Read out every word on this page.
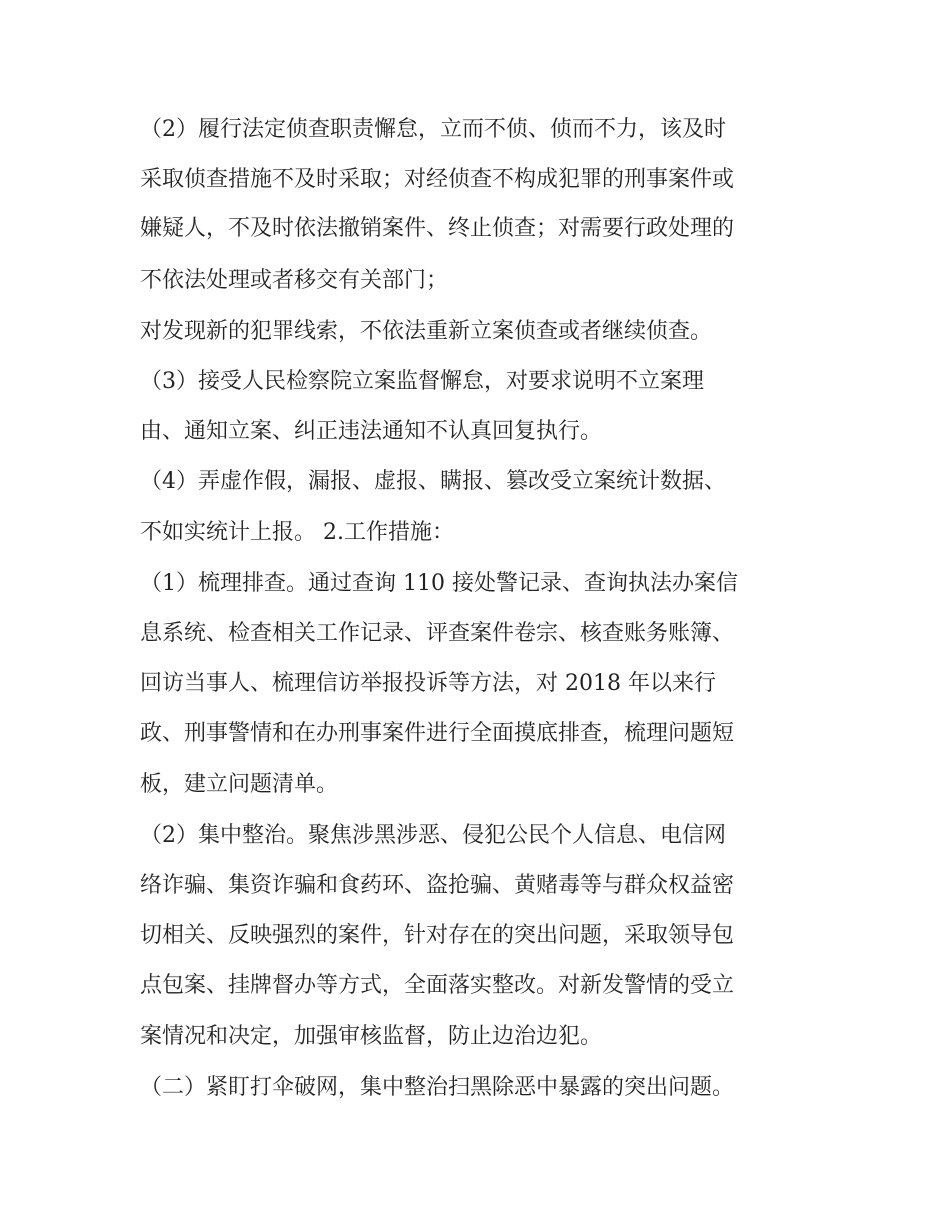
（2）履行法定侦查职责懈怠，立而不侦、侦而不力，该及时
采取侦查措施不及时采取；对经侦查不构成犯罪的刑事案件或
嫌疑人，不及时依法撤销案件、终止侦查；对需要行政处理的
不依法处理或者移交有关部门；
对发现新的犯罪线索，不依法重新立案侦查或者继续侦查。
（3）接受人民检察院立案监督懈怠，对要求说明不立案理
由、通知立案、纠正违法通知不认真回复执行。
（4）弄虚作假，漏报、虚报、瞒报、篡改受立案统计数据、
不如实统计上报。 2.工作措施：
（1）梳理排查。通过查询 110 接处警记录、查询执法办案信
息系统、检查相关工作记录、评查案件卷宗、核查账务账簿、
回访当事人、梳理信访举报投诉等方法，对 2018 年以来行
政、刑事警情和在办刑事案件进行全面摸底排查，梳理问题短
板，建立问题清单。
（2）集中整治。聚焦涉黑涉恶、侵犯公民个人信息、电信网
络诈骗、集资诈骗和食药环、盗抢骗、黄赌毒等与群众权益密
切相关、反映强烈的案件，针对存在的突出问题，采取领导包
点包案、挂牌督办等方式，全面落实整改。对新发警情的受立
案情况和决定，加强审核监督，防止边治边犯。
（二）紧盯打伞破网，集中整治扫黑除恶中暴露的突出问题。
